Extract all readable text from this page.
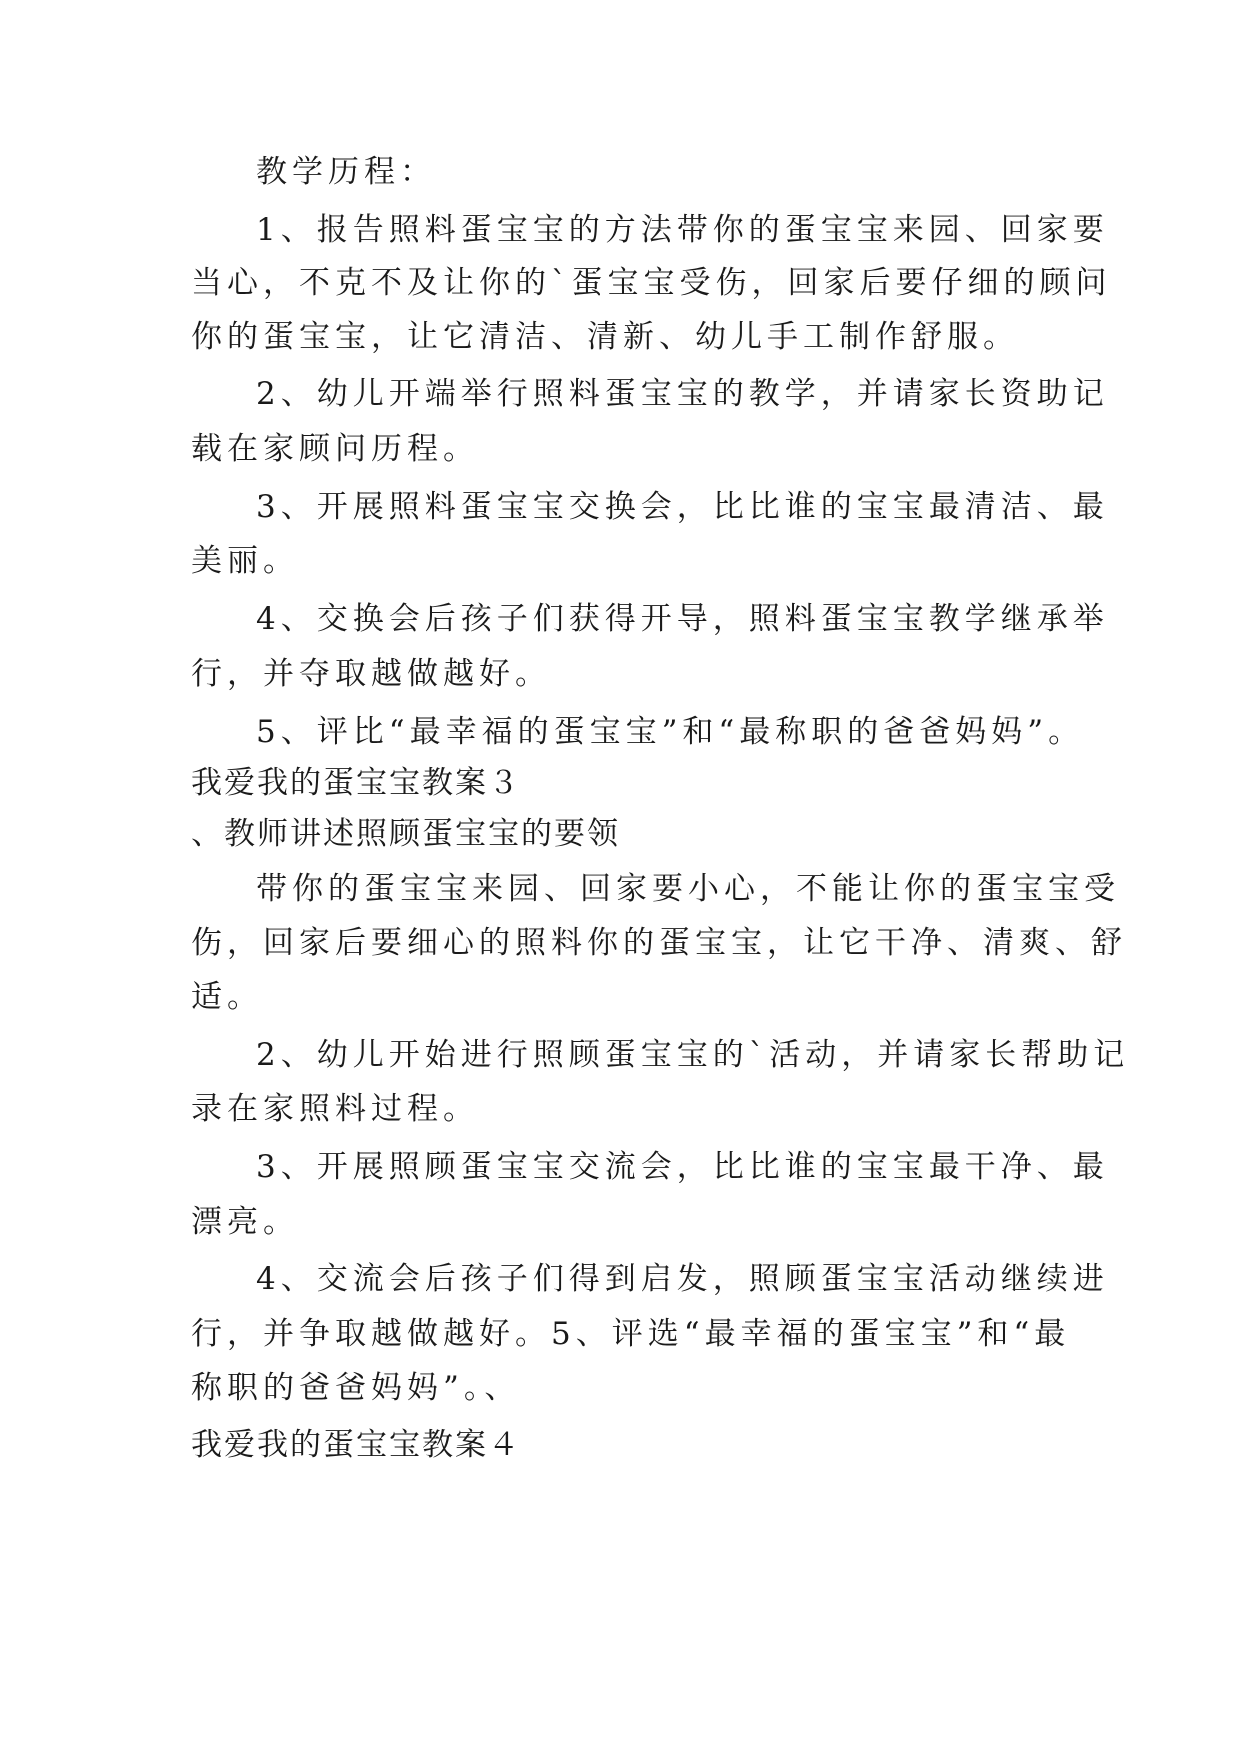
教学历程：
1、报告照料蛋宝宝的方法带你的蛋宝宝来园、回家要
当心，不克不及让你的`蛋宝宝受伤，回家后要仔细的顾问
你的蛋宝宝，让它清洁、清新、幼儿手工制作舒服。
2、幼儿开端举行照料蛋宝宝的教学，并请家长资助记
载在家顾问历程。
3、开展照料蛋宝宝交换会，比比谁的宝宝最清洁、最
美丽。
4、交换会后孩子们获得开导，照料蛋宝宝教学继承举
行，并夺取越做越好。
5、评比“最幸福的蛋宝宝”和“最称职的爸爸妈妈”。
我爱我的蛋宝宝教案３
、教师讲述照顾蛋宝宝的要领
带你的蛋宝宝来园、回家要小心，不能让你的蛋宝宝受
伤，回家后要细心的照料你的蛋宝宝，让它干净、清爽、舒
适。
2、幼儿开始进行照顾蛋宝宝的`活动，并请家长帮助记
录在家照料过程。
3、开展照顾蛋宝宝交流会，比比谁的宝宝最干净、最
漂亮。
4、交流会后孩子们得到启发，照顾蛋宝宝活动继续进
行，并争取越做越好。5、评选“最幸福的蛋宝宝”和“最
称职的爸爸妈妈”。、
我爱我的蛋宝宝教案４
